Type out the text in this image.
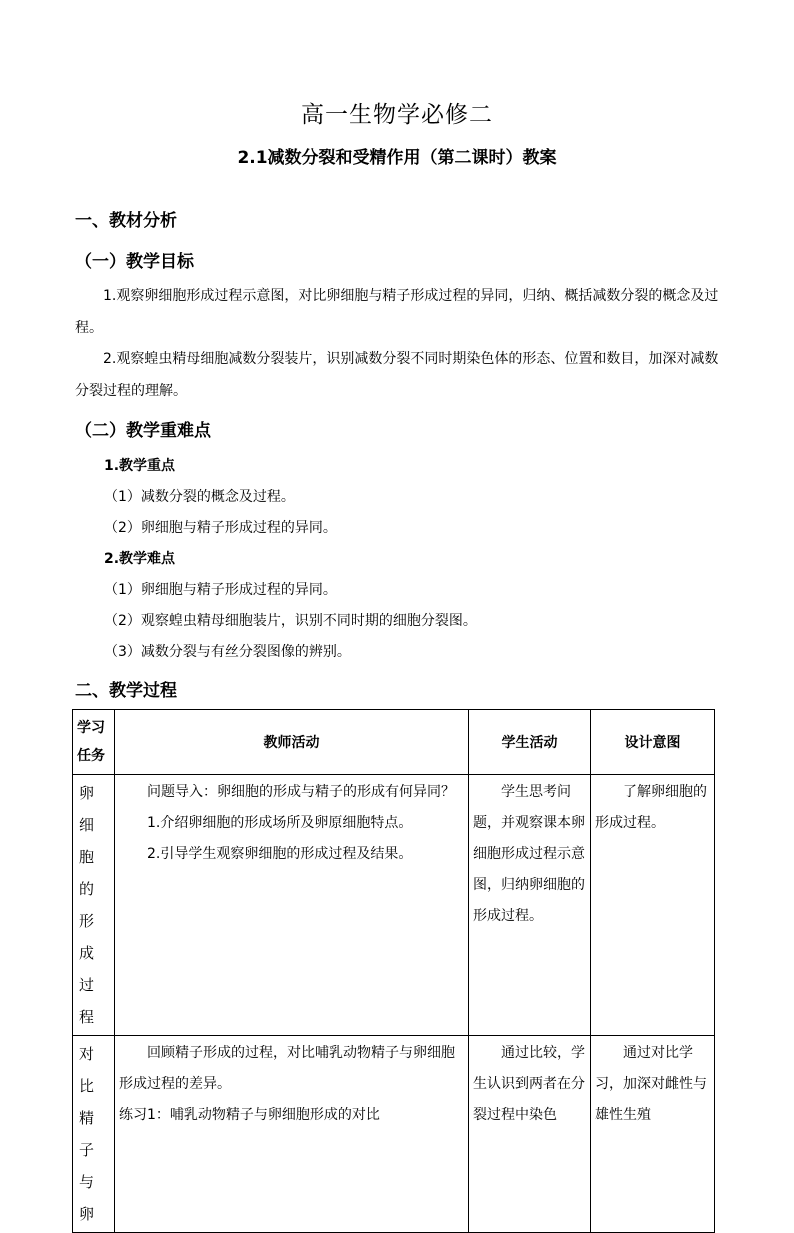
高一生物学必修二
2.1减数分裂和受精作用（第二课时）教案
一、教材分析
（一）教学目标
1.观察卵细胞形成过程示意图，对比卵细胞与精子形成过程的异同，归纳、概括减数分裂的概念及过程。
2.观察蝗虫精母细胞减数分裂装片，识别减数分裂不同时期染色体的形态、位置和数目，加深对减数分裂过程的理解。
（二）教学重难点
1.教学重点
（1）减数分裂的概念及过程。
（2）卵细胞与精子形成过程的异同。
2.教学难点
（1）卵细胞与精子形成过程的异同。
（2）观察蝗虫精母细胞装片，识别不同时期的细胞分裂图。
（3）减数分裂与有丝分裂图像的辨别。
二、教学过程
学习任务	教师活动	学生活动	设计意图
卵细胞的形成过程	问题导入：卵细胞的形成与精子的形成有何异同？
1.介绍卵细胞的形成场所及卵原细胞特点。
2.引导学生观察卵细胞的形成过程及结果。	学生思考问题，并观察课本卵细胞形成过程示意图，归纳卵细胞的形成过程。	了解卵细胞的形成过程。

对比精子与卵	回顾精子形成的过程，对比哺乳动物精子与卵细胞形成过程的差异。
练习1：哺乳动物精子与卵细胞形成的对比	通过比较，学生认识到两者在分裂过程中染色	通过对比学习，加深对雌性与雄性生殖
